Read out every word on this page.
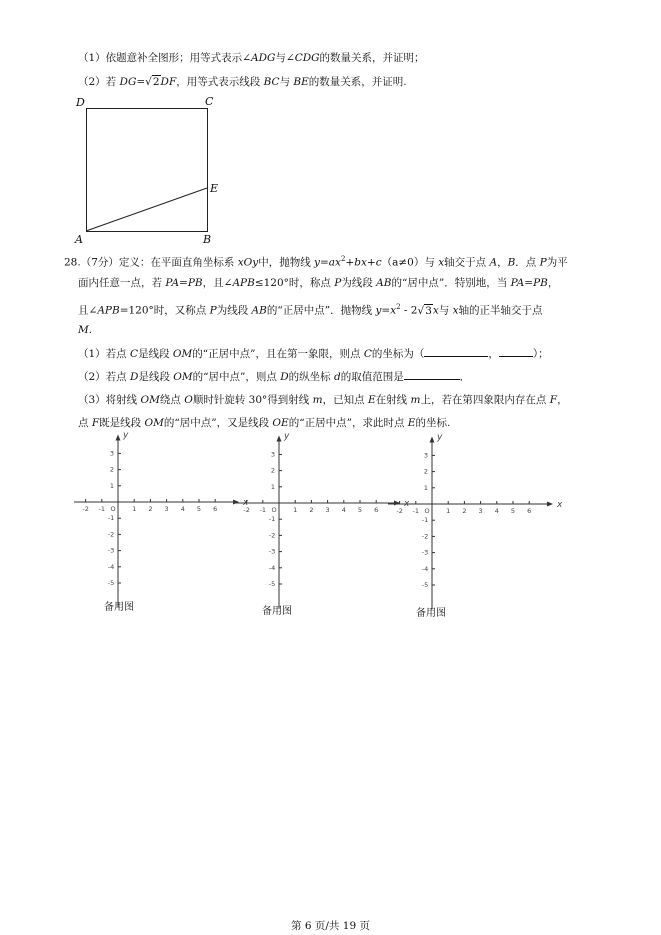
（1）依题意补全图形；用等式表示∠ADG与∠CDG的数量关系，并证明；
（2）若 DG=√2DF，用等式表示线段 BC与 BE的数量关系，并证明.
D	C
E
A	B
28.（7分）定义：在平面直角坐标系 xOy中，抛物线 $y=ax^2+bx+c(a\ne 0)$与 x轴交于点 A，B．点 P为平
面内任意一点，若 PA=PB，且∠APB≤120°时，称点 P为线段 AB的“居中点”．特别地，当 PA=PB，
且∠APB=120°时，又称点 P为线段 AB的“正居中点”．抛物线 $y=x^2 - 2√3x$与 x轴的正半轴交于点
M.
（1）若点 C是线段 OM的“正居中点”，且在第一象限，则点 C的坐标为（	，	）；
（2）若点 D是线段 OM的“居中点”，则点 D的纵坐标 d的取值范围是	．
（3）将射线 OM绕点 O顺时针旋转 30°得到射线 m，已知点 E在射线 m上，若在第四象限内存在点 F，
点 F既是线段 OM的“居中点”，又是线段 OE的“正居中点”，求此时点 E的坐标.
x
y
-2 -1 O	1 2 3 4 5 6
3
2
1
-1
-2
-3
-4
-5
x
y
-2 -1 O	1 2 3 4 5 6
3
2
1
-1
-2
-3
-4
-5
x
y
-2 -1 O	1 2 3 4 5 6
3
2
1
-1
-2
-3
-4
-5
备用图	备用图	备用图
第 6 页/共 19 页
